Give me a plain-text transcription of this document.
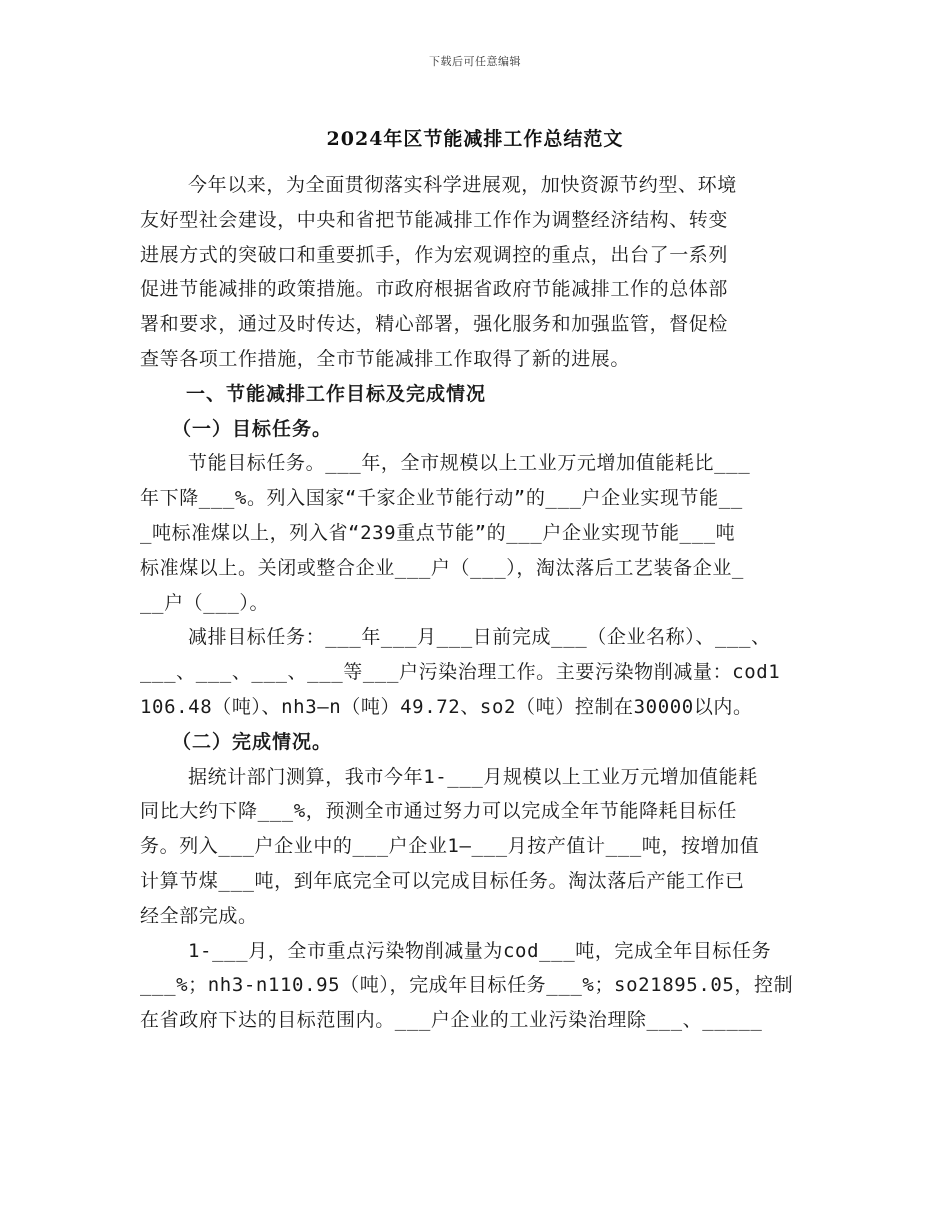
下载后可任意编辑
2024年区节能减排工作总结范文
今年以来，为全面贯彻落实科学进展观，加快资源节约型、环境
友好型社会建设，中央和省把节能减排工作作为调整经济结构、转变
进展方式的突破口和重要抓手，作为宏观调控的重点，出台了一系列
促进节能减排的政策措施。市政府根据省政府节能减排工作的总体部
署和要求，通过及时传达，精心部署，强化服务和加强监管，督促检
查等各项工作措施，全市节能减排工作取得了新的进展。
一、节能减排工作目标及完成情况
（一）目标任务。
节能目标任务。___年，全市规模以上工业万元增加值能耗比___
年下降___%。列入国家“千家企业节能行动”的___户企业实现节能__
_吨标准煤以上，列入省“239重点节能”的___户企业实现节能___吨
标准煤以上。关闭或整合企业___户（___），淘汰落后工艺装备企业_
__户（___）。
减排目标任务：___年___月___日前完成___（企业名称）、___、
___、___、___、___等___户污染治理工作。主要污染物削减量：cod1
106.48（吨）、nh3—n（吨）49.72、so2（吨）控制在30000以内。
（二）完成情况。
据统计部门测算，我市今年1-___月规模以上工业万元增加值能耗
同比大约下降___%，预测全市通过努力可以完成全年节能降耗目标任
务。列入___户企业中的___户企业1—___月按产值计___吨，按增加值
计算节煤___吨，到年底完全可以完成目标任务。淘汰落后产能工作已
经全部完成。
1-___月，全市重点污染物削减量为cod___吨，完成全年目标任务
___%；nh3-n110.95（吨），完成年目标任务___%；so21895.05，控制
在省政府下达的目标范围内。___户企业的工业污染治理除___、_____
